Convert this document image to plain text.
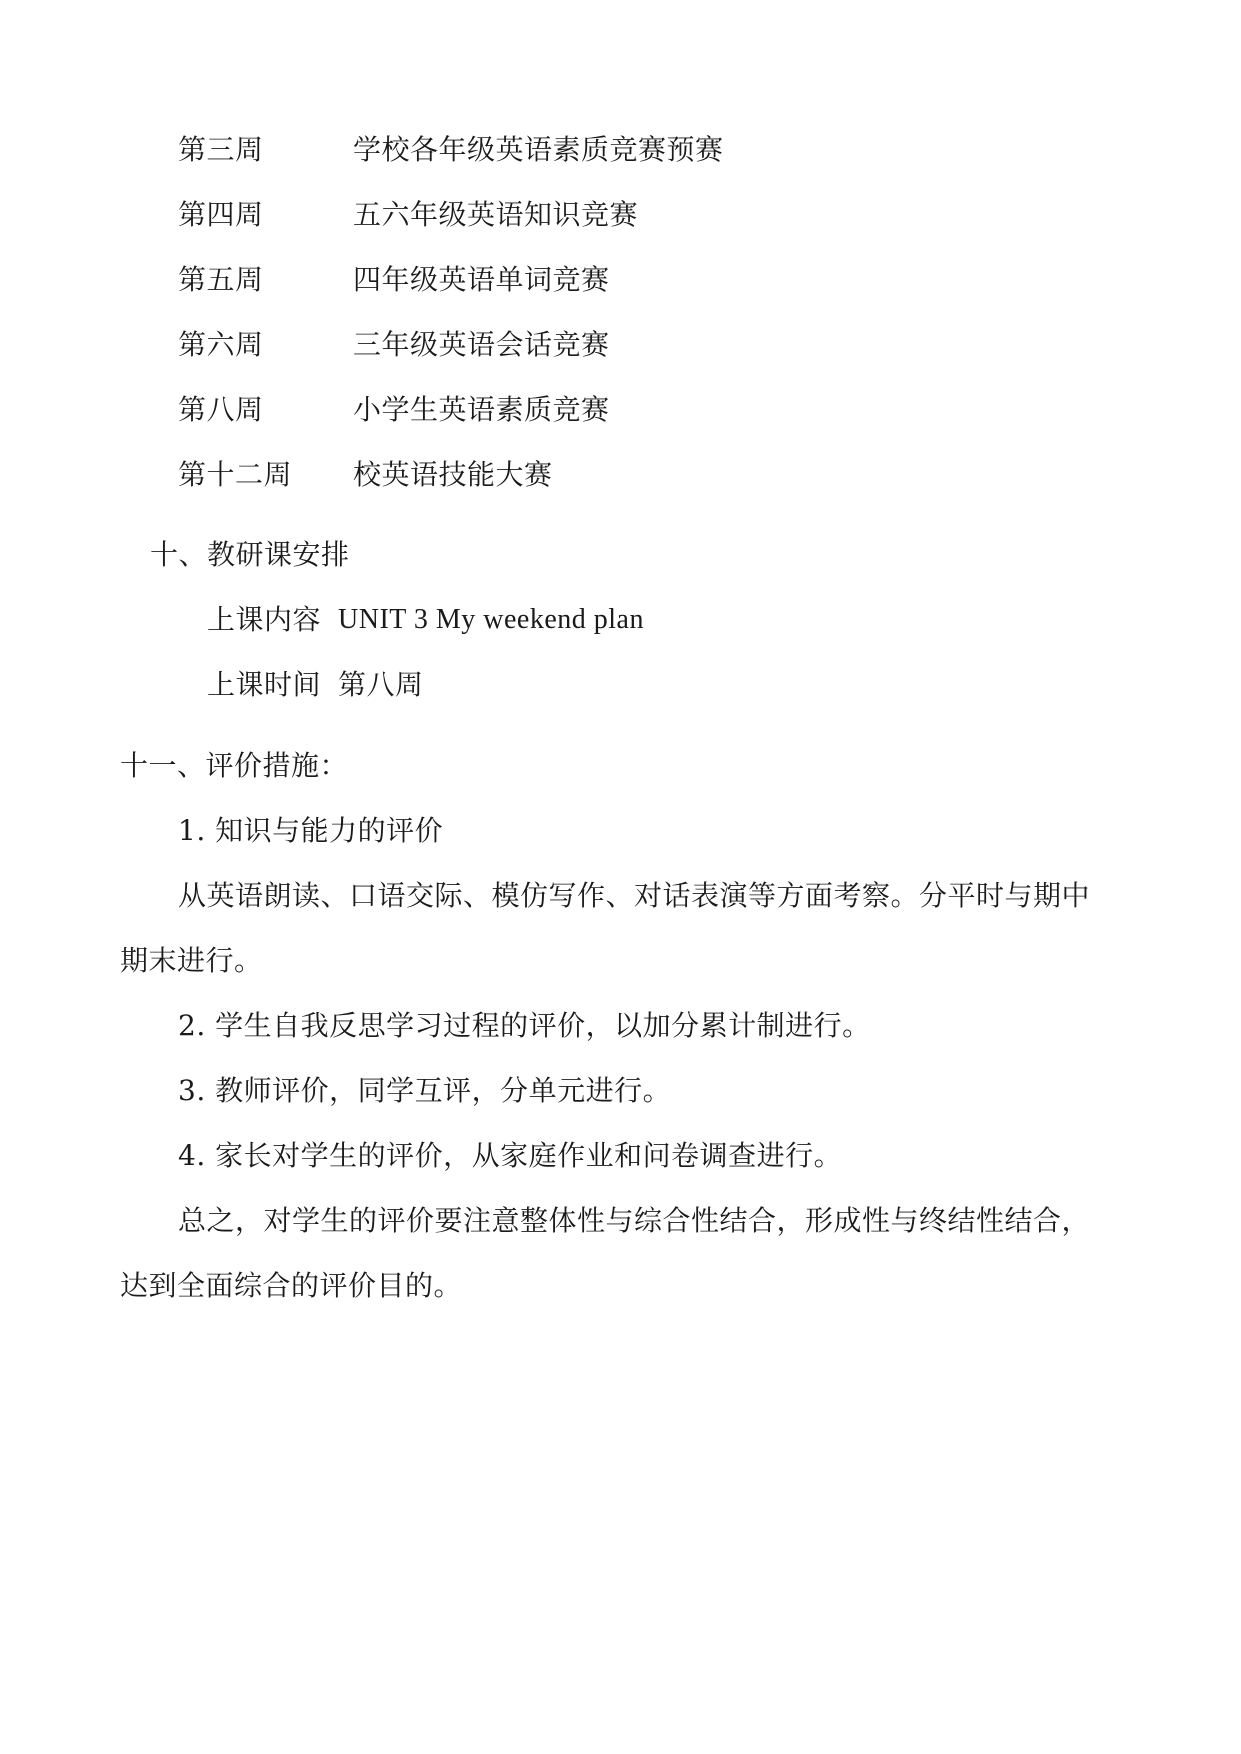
第三周	学校各年级英语素质竞赛预赛
第四周	五六年级英语知识竞赛
第五周	四年级英语单词竞赛
第六周	三年级英语会话竞赛
第八周	小学生英语素质竞赛
第十二周 校英语技能大赛
十、教研课安排
上课内容 UNIT 3 My weekend plan
上课时间 第八周
十一、评价措施：
1. 知识与能力的评价
从英语朗读、口语交际、模仿写作、对话表演等方面考察。分平时与期中
期末进行。
2. 学生自我反思学习过程的评价，以加分累计制进行。
3. 教师评价，同学互评，分单元进行。
4. 家长对学生的评价，从家庭作业和问卷调查进行。
总之，对学生的评价要注意整体性与综合性结合，形成性与终结性结合，
达到全面综合的评价目的。
